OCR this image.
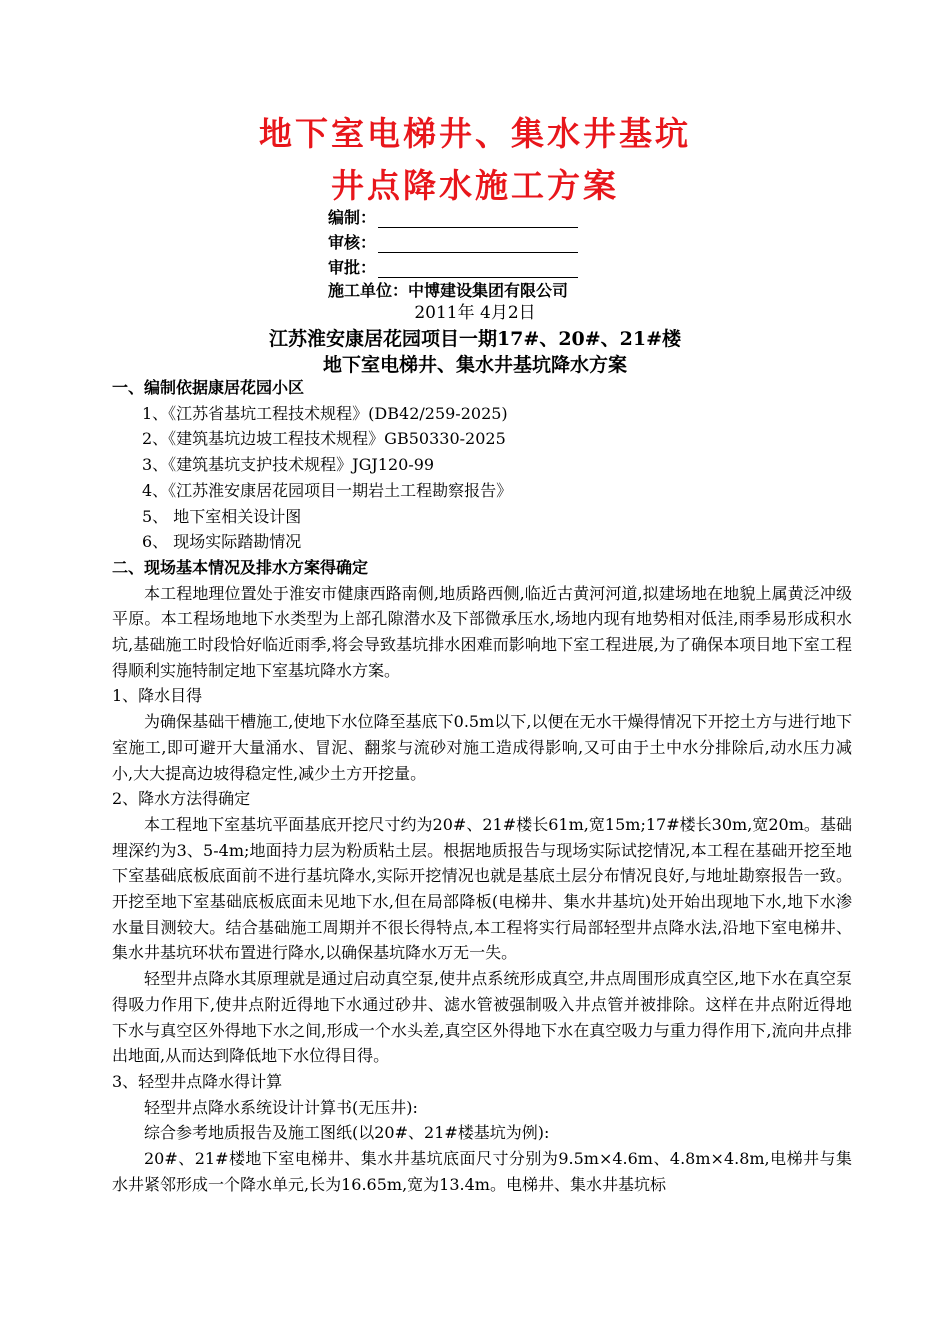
地下室电梯井、集水井基坑
井点降水施工方案
编制：
审核：
审批：
施工单位：中博建设集团有限公司
2011年 4月2日
江苏淮安康居花园项目一期17#、20#、21#楼
地下室电梯井、集水井基坑降水方案

一、编制依据康居花园小区

1、《江苏省基坑工程技术规程》(DB42/259-2025)

2、《建筑基坑边坡工程技术规程》GB50330-2025

3、《建筑基坑支护技术规程》JGJ120-99

4、《江苏淮安康居花园项目一期岩土工程勘察报告》

5、 地下室相关设计图

6、 现场实际踏勘情况

二、现场基本情况及排水方案得确定

本工程地理位置处于淮安市健康西路南侧,地质路西侧,临近古黄河河道,拟建场地在地貌上属黄泛冲级平原。本工程场地地下水类型为上部孔隙潜水及下部微承压水,场地内现有地势相对低洼,雨季易形成积水坑,基础施工时段恰好临近雨季,将会导致基坑排水困难而影响地下室工程进展,为了确保本项目地下室工程得顺利实施特制定地下室基坑降水方案。

1、降水目得

为确保基础干槽施工,使地下水位降至基底下0.5m以下,以便在无水干燥得情况下开挖土方与进行地下室施工,即可避开大量涌水、冒泥、翻浆与流砂对施工造成得影响,又可由于土中水分排除后,动水压力减小,大大提高边坡得稳定性,减少土方开挖量。

2、降水方法得确定

本工程地下室基坑平面基底开挖尺寸约为20#、21#楼长61m,宽15m;17#楼长30m,宽20m。基础埋深约为3、5-4m;地面持力层为粉质粘土层。根据地质报告与现场实际试挖情况,本工程在基础开挖至地下室基础底板底面前不进行基坑降水,实际开挖情况也就是基底土层分布情况良好,与地址勘察报告一致。开挖至地下室基础底板底面未见地下水,但在局部降板(电梯井、集水井基坑)处开始出现地下水,地下水渗水量目测较大。结合基础施工周期并不很长得特点,本工程将实行局部轻型井点降水法,沿地下室电梯井、集水井基坑环状布置进行降水,以确保基坑降水万无一失。

轻型井点降水其原理就是通过启动真空泵,使井点系统形成真空,井点周围形成真空区,地下水在真空泵得吸力作用下,使井点附近得地下水通过砂井、滤水管被强制吸入井点管并被排除。这样在井点附近得地下水与真空区外得地下水之间,形成一个水头差,真空区外得地下水在真空吸力与重力得作用下,流向井点排出地面,从而达到降低地下水位得目得。

3、轻型井点降水得计算

轻型井点降水系统设计计算书(无压井):

综合参考地质报告及施工图纸(以20#、21#楼基坑为例):

20#、21#楼地下室电梯井、集水井基坑底面尺寸分别为9.5m×4.6m、4.8m×4.8m,电梯井与集水井紧邻形成一个降水单元,长为16.65m,宽为13.4m。电梯井、集水井基坑标
